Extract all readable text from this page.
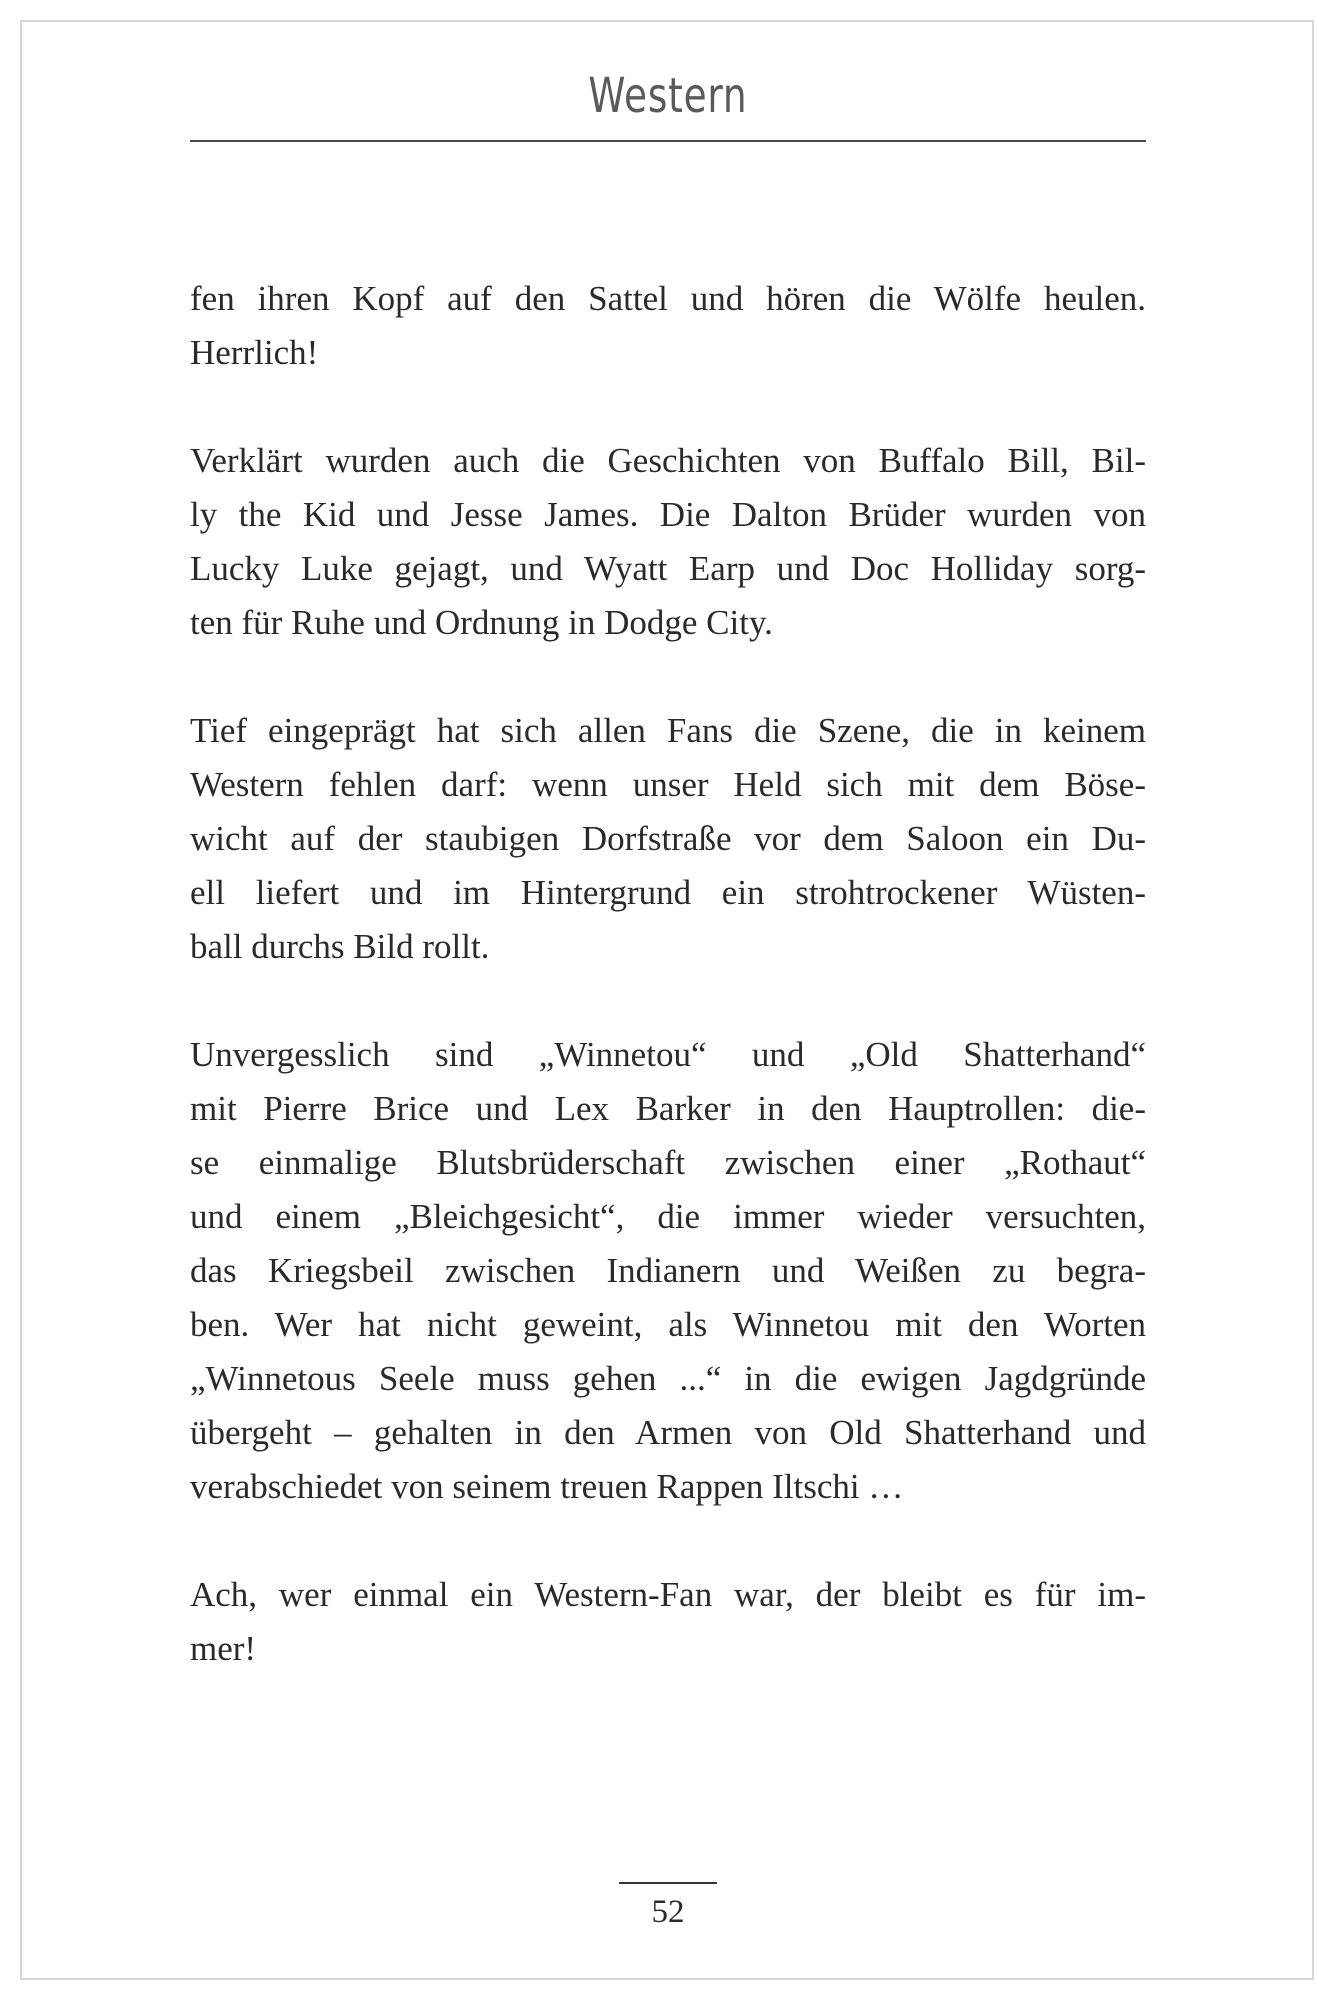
Western

fen ihren Kopf auf den Sattel und hören die Wölfe heulen.
Herrlich!

Verklärt wurden auch die Geschichten von Buffalo Bill, Bil-
ly the Kid und Jesse James. Die Dalton Brüder wurden von
Lucky Luke gejagt, und Wyatt Earp und Doc Holliday sorg-
ten für Ruhe und Ordnung in Dodge City.

Tief eingeprägt hat sich allen Fans die Szene, die in keinem
Western fehlen darf: wenn unser Held sich mit dem Böse-
wicht auf der staubigen Dorfstraße vor dem Saloon ein Du-
ell liefert und im Hintergrund ein strohtrockener Wüsten-
ball durchs Bild rollt.

Unvergesslich sind „Winnetou“ und „Old Shatterhand“
mit Pierre Brice und Lex Barker in den Hauptrollen: die-
se einmalige Blutsbrüderschaft zwischen einer „Rothaut“
und einem „Bleichgesicht“, die immer wieder versuchten,
das Kriegsbeil zwischen Indianern und Weißen zu begra-
ben. Wer hat nicht geweint, als Winnetou mit den Worten
„Winnetous Seele muss gehen ...“ in die ewigen Jagdgründe
übergeht – gehalten in den Armen von Old Shatterhand und
verabschiedet von seinem treuen Rappen Iltschi …

Ach, wer einmal ein Western-Fan war, der bleibt es für im-
mer!

52
